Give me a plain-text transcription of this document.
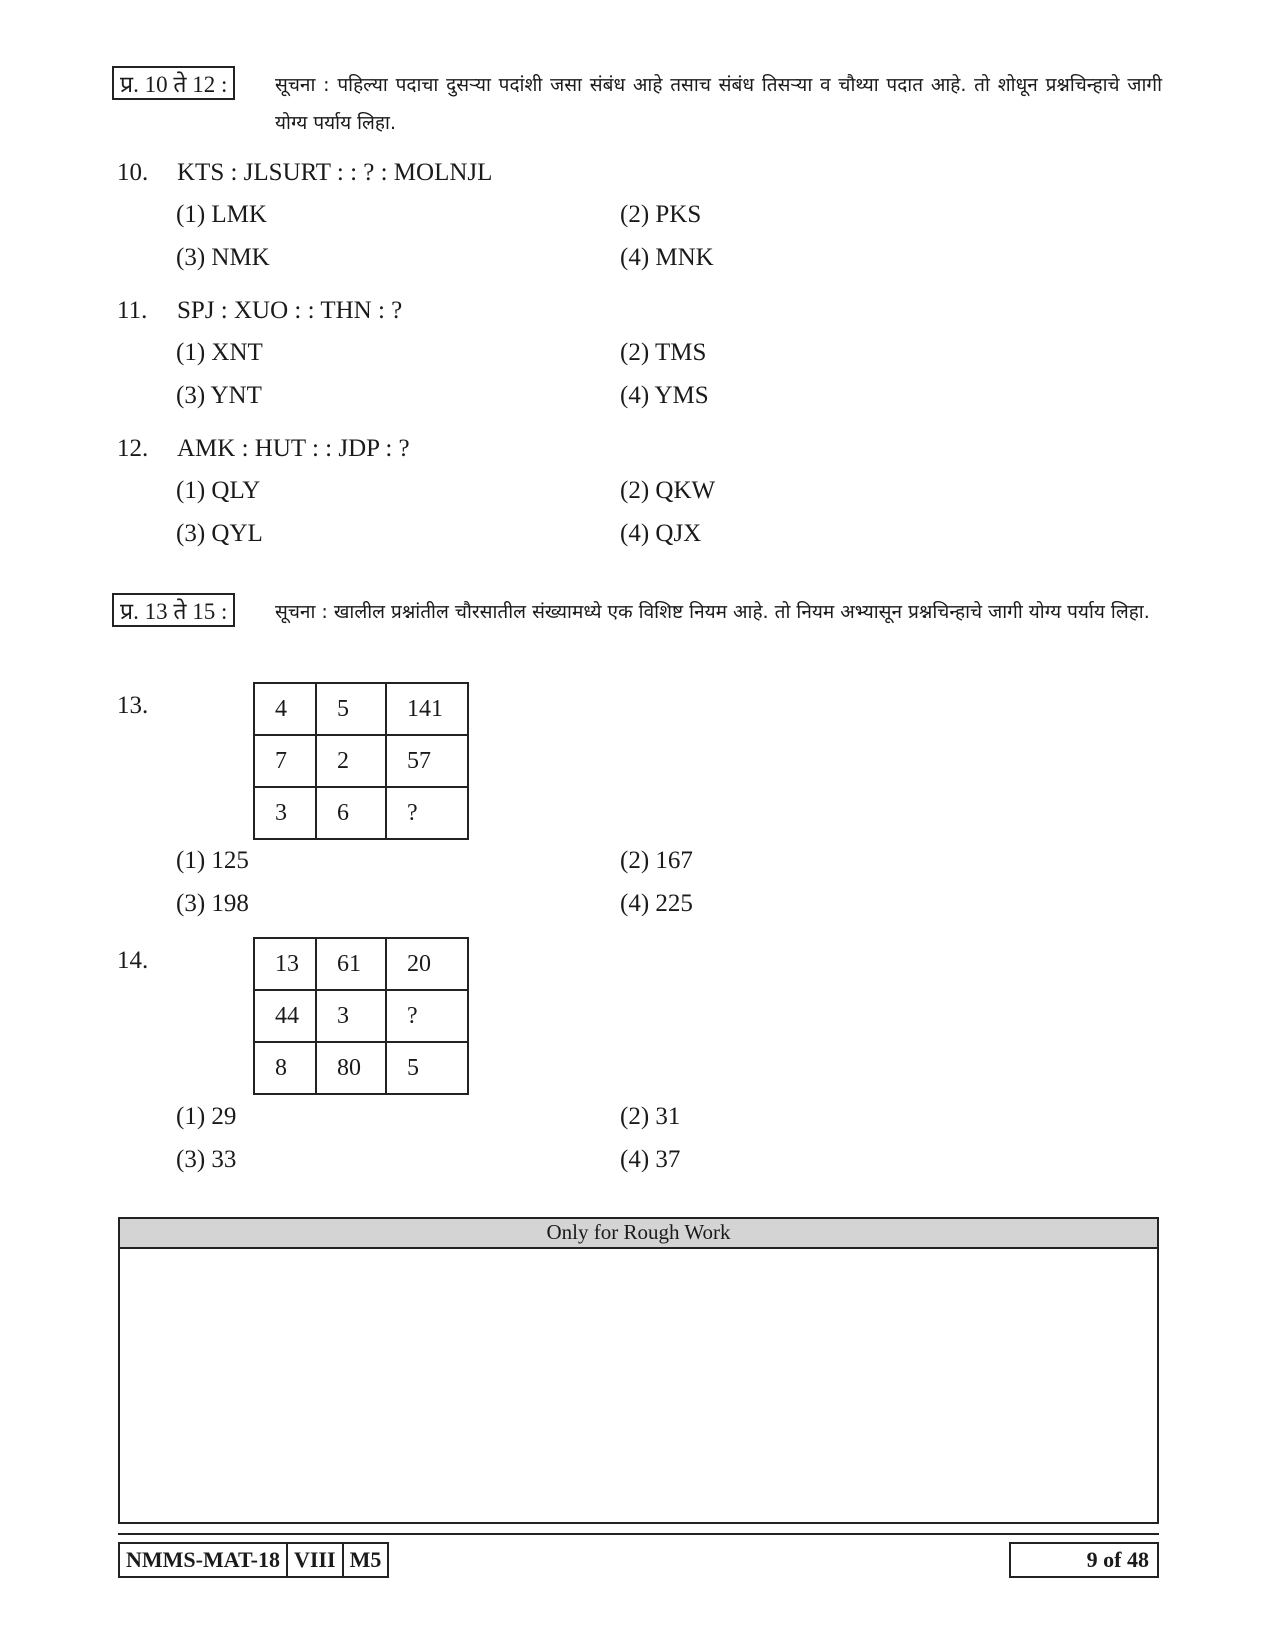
प्र. 10 ते 12 :	सूचना : पहिल्या पदाचा दुसऱ्या पदांशी जसा संबंध आहे तसाच संबंध तिसऱ्या व चौथ्या पदात आहे. तो शोधून प्रश्नचिन्हाचे जागी योग्य पर्याय लिहा.
10. KTS : JLSURT : : ? : MOLNJL
(1) LMK	(2) PKS
(3) NMK	(4) MNK
11. SPJ : XUO : : THN : ?
(1) XNT	(2) TMS
(3) YNT	(4) YMS
12. AMK : HUT : : JDP : ?
(1) QLY	(2) QKW
(3) QYL	(4) QJX
प्र. 13 ते 15 :	सूचना : खालील प्रश्नांतील चौरसातील संख्यामध्ये एक विशिष्ट नियम आहे. तो नियम अभ्यासून प्रश्नचिन्हाचे जागी योग्य पर्याय लिहा.
13.	4	5	141
7	2	57
3	6	?
(1) 125	(2) 167
(3) 198	(4) 225
14.	13	61	20
44	3	?
8	80	5
(1) 29	(2) 31
(3) 33	(4) 37
Only for Rough Work
NMMS-MAT-18 VIII M5	9 of 48
